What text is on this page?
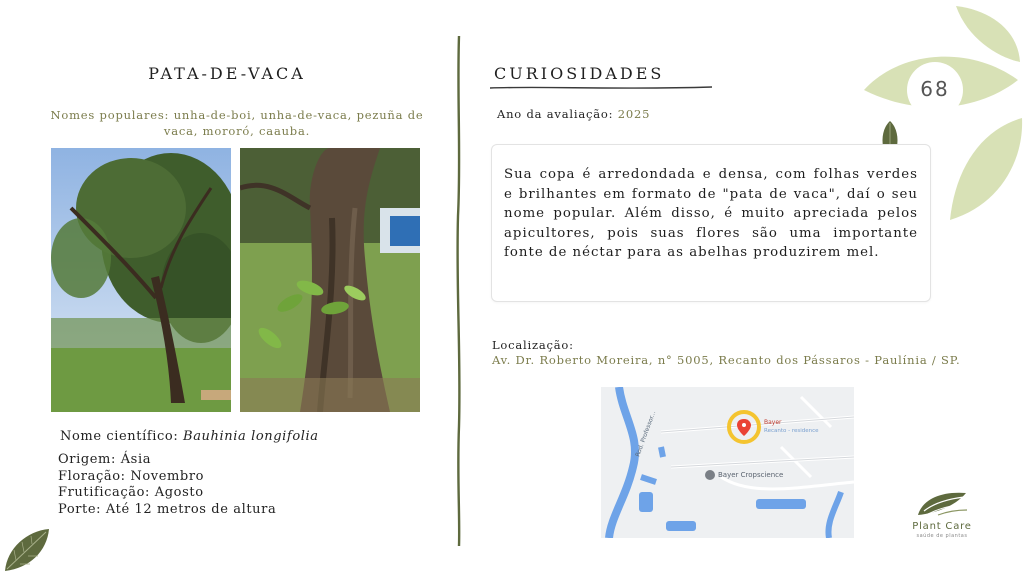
68
PATA-DE-VACA
Nomes populares: unha-de-boi, unha-de-vaca, pezuña de
vaca, mororó, caauba.
Nome científico: Bauhinia longifolia
Origem: Ásia
Floração: Novembro
Frutificação: Agosto
Porte: Até 12 metros de altura
CURIOSIDADES
Ano da avaliação: 2025

Sua copa é arredondada e densa, com folhas verdes e brilhantes em formato de "pata de vaca", daí o seu nome popular. Além disso, é muito apreciada pelos apicultores, pois suas flores são uma importante fonte de néctar para as abelhas produzirem mel.

Localização:
Av. Dr. Roberto Moreira, n° 5005, Recanto dos Pássaros - Paulínia / SP.
Rod. Professor...	Bayer
Recanto - residence
Bayer Cropscience
Plant Care
saúde de plantas
